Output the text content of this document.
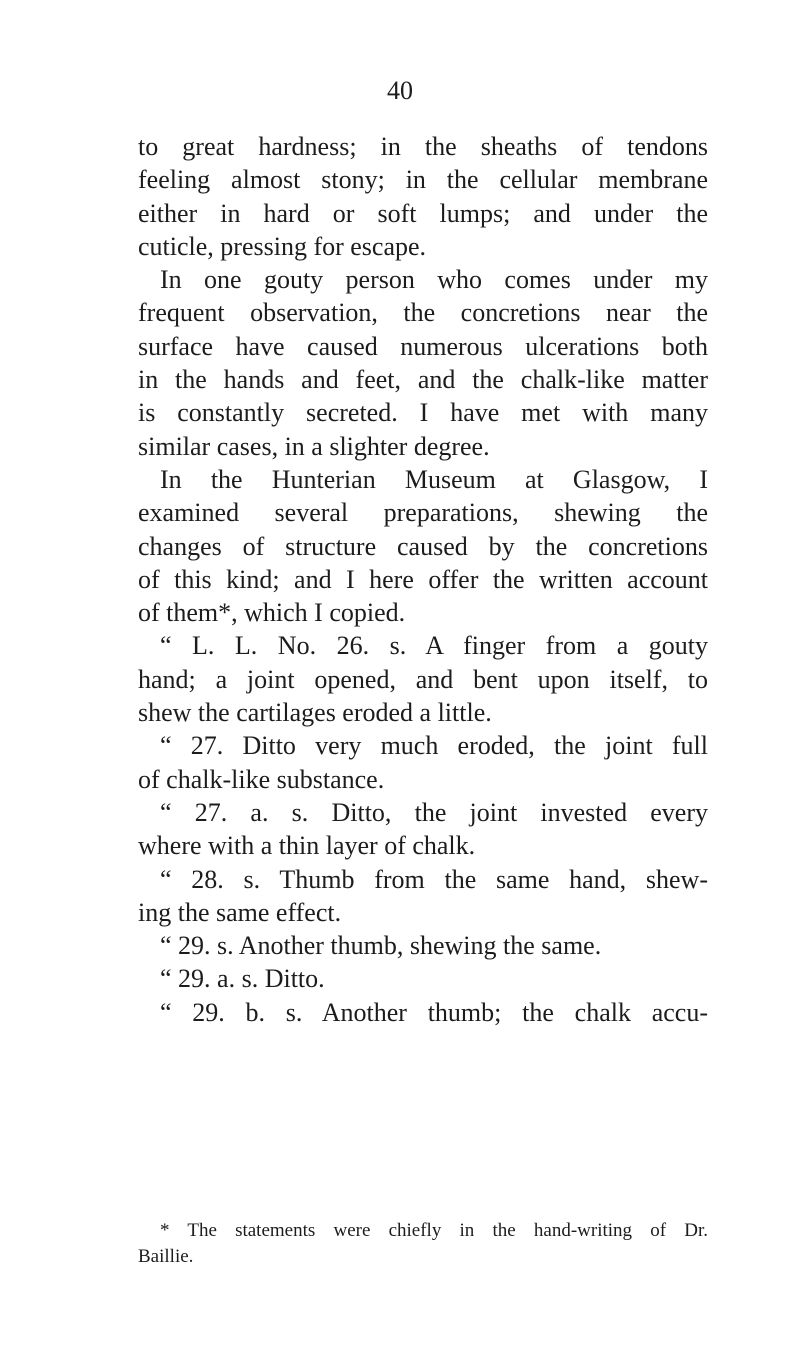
40
to great hardness; in the sheaths of tendons
feeling almost stony; in the cellular membrane
either in hard or soft lumps; and under the
cuticle, pressing for escape.
In one gouty person who comes under my
frequent observation, the concretions near the
surface have caused numerous ulcerations both
in the hands and feet, and the chalk-like matter
is constantly secreted. I have met with many
similar cases, in a slighter degree.
In the Hunterian Museum at Glasgow, I
examined several preparations, shewing the
changes of structure caused by the concretions
of this kind; and I here offer the written account
of them*, which I copied.
“ L. L. No. 26. s. A finger from a gouty
hand; a joint opened, and bent upon itself, to
shew the cartilages eroded a little.
“ 27. Ditto very much eroded, the joint full
of chalk-like substance.
“ 27. a. s. Ditto, the joint invested every
where with a thin layer of chalk.
“ 28. s. Thumb from the same hand, shew-
ing the same effect.
“ 29. s. Another thumb, shewing the same.
“ 29. a. s. Ditto.
“ 29. b. s. Another thumb; the chalk accu-
* The statements were chiefly in the hand-writing of Dr.
Baillie.
